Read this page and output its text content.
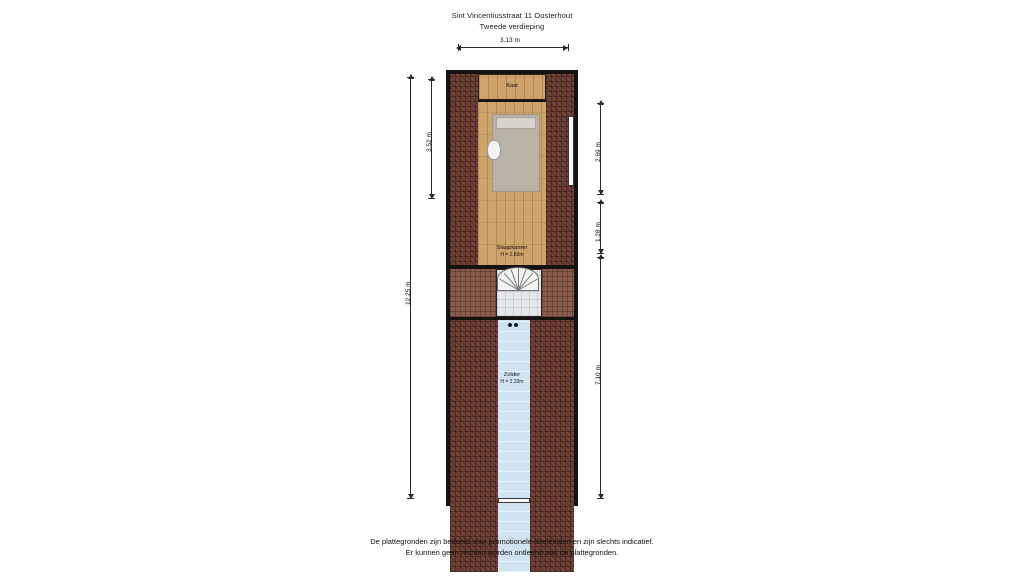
Sint Vincentiusstraat 11 Oosterhout
Tweede verdieping
3.13 m
12.25 m
3.52 m
2.69 m
1.28 m
7.10 m
Kast
Slaapkamer
H = 2.82m
Zolder
H = 2.33m
De plattegronden zijn bedoeld voor promotionele doeleinden en zijn slechts indicatief.
Er kunnen geen rechten worden ontleend aan de plattegronden.
